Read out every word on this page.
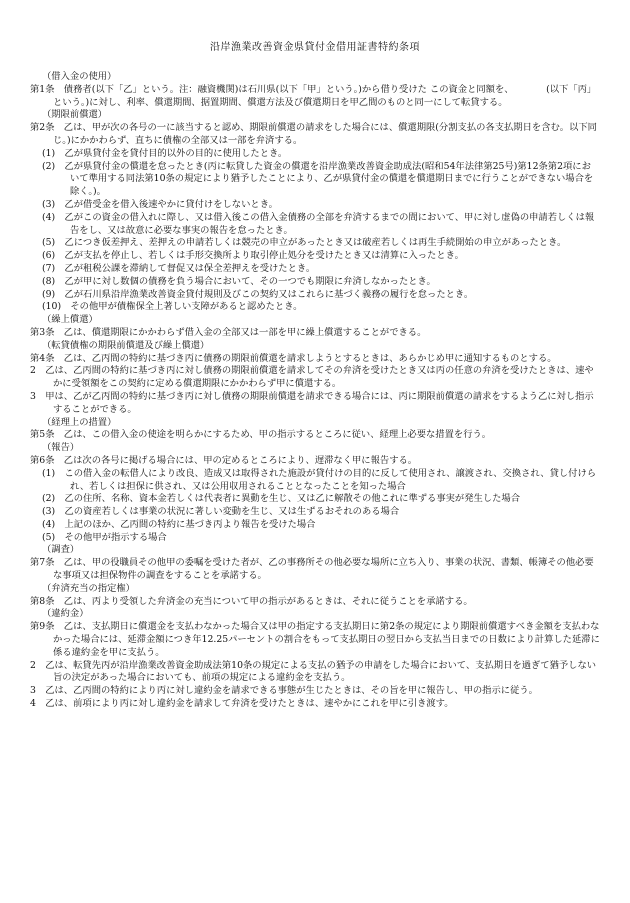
沿岸漁業改善資金県貸付金借用証書特約条項
（借入金の使用）
第1条　債務者(以下「乙」という。注：融資機関)は石川県(以下「甲」という。)から借り受けた この資金と同額を、　　　　(以下「丙」という。)に対し、利率、償還期間、据置期間、償還方法及び償還期日を甲乙間のものと同一にして転貸する。
（期限前償還）
第2条　乙は、甲が次の各号の一に該当すると認め、期限前償還の請求をした場合には、償還期限(分割支払の各支払期日を含む。以下同じ。)にかかわらず、直ちに債権の全部又は一部を弁済する。
(1)　乙が県貸付金を貸付目的以外の目的に使用したとき。
(2)　乙が県貸付金の償還を怠ったとき(丙に転貸した資金の償還を沿岸漁業改善資金助成法(昭和54年法律第25号)第12条第2項において準用する同法第10条の規定により猶予したことにより、乙が県貸付金の償還を償還期日までに行うことができない場合を除く。)。
(3)　乙が借受金を借入後速やかに貸付けをしないとき。
(4)　乙がこの資金の借入れに際し、又は借入後この借入金債務の全部を弁済するまでの間において、甲に対し虚偽の申請若しくは報告をし、又は故意に必要な事実の報告を怠ったとき。
(5)　乙につき仮差押え、差押えの申請若しくは競売の申立があったとき又は破産若しくは再生手続開始の申立があったとき。
(6)　乙が支払を停止し、若しくは手形交換所より取引停止処分を受けたとき又は清算に入ったとき。
(7)　乙が租税公課を滞納して督促又は保全差押えを受けたとき。
(8)　乙が甲に対し数個の債務を負う場合において、その一つでも期限に弁済しなかったとき。
(9)　乙が石川県沿岸漁業改善資金貸付規則及びこの契約又はこれらに基づく義務の履行を怠ったとき。
(10)　その他甲が債権保全上著しい支障があると認めたとき。
（繰上償還）
第3条　乙は、償還期限にかかわらず借入金の全部又は一部を甲に繰上償還することができる。
（転貸債権の期限前償還及び繰上償還）
第4条　乙は、乙丙間の特約に基づき丙に債務の期限前償還を請求しようとするときは、あらかじめ甲に通知するものとする。
2　乙は、乙丙間の特約に基づき丙に対し債務の期限前償還を請求してその弁済を受けたとき又は丙の任意の弁済を受けたときは、速やかに受領額をこの契約に定める償還期限にかかわらず甲に償還する。
3　甲は、乙が乙丙間の特約に基づき丙に対し債務の期限前償還を請求できる場合には、丙に期限前償還の請求をするよう乙に対し指示することができる。
（経理上の措置）
第5条　乙は、この借入金の使途を明らかにするため、甲の指示するところに従い、経理上必要な措置を行う。
（報告）
第6条　乙は次の各号に掲げる場合には、甲の定めるところにより、遅滞なく甲に報告する。
(1)　この借入金の転借人により改良、造成又は取得された施設が貸付けの目的に反して使用され、譲渡され、交換され、貸し付けられ、若しくは担保に供され、又は公用収用されることとなったことを知った場合
(2)　乙の住所、名称、資本金若しくは代表者に異動を生じ、又は乙に解散その他これに準ずる事実が発生した場合
(3)　乙の資産若しくは事業の状況に著しい変動を生じ、又は生ずるおそれのある場合
(4)　上記のほか、乙丙間の特約に基づき丙より報告を受けた場合
(5)　その他甲が指示する場合
（調査）
第7条　乙は、甲の役職員その他甲の委嘱を受けた者が、乙の事務所その他必要な場所に立ち入り、事業の状況、書類、帳簿その他必要な事項又は担保物件の調査をすることを承諾する。
（弁済充当の指定権）
第8条　乙は、丙より受領した弁済金の充当について甲の指示があるときは、それに従うことを承諾する。
（違約金）
第9条　乙は、支払期日に償還金を支払わなかった場合又は甲の指定する支払期日に第2条の規定により期限前償還すべき金額を支払わなかった場合には、延滞金額につき年12.25パーセントの割合をもって支払期日の翌日から支払当日までの日数により計算した延滞に係る違約金を甲に支払う。
2　乙は、転貸先丙が沿岸漁業改善資金助成法第10条の規定による支払の猶予の申請をした場合において、支払期日を過ぎて猶予しない旨の決定があった場合においても、前項の規定による違約金を支払う。
3　乙は、乙丙間の特約により丙に対し違約金を請求できる事態が生じたときは、その旨を甲に報告し、甲の指示に従う。
4　乙は、前項により丙に対し違約金を請求して弁済を受けたときは、速やかにこれを甲に引き渡す。
